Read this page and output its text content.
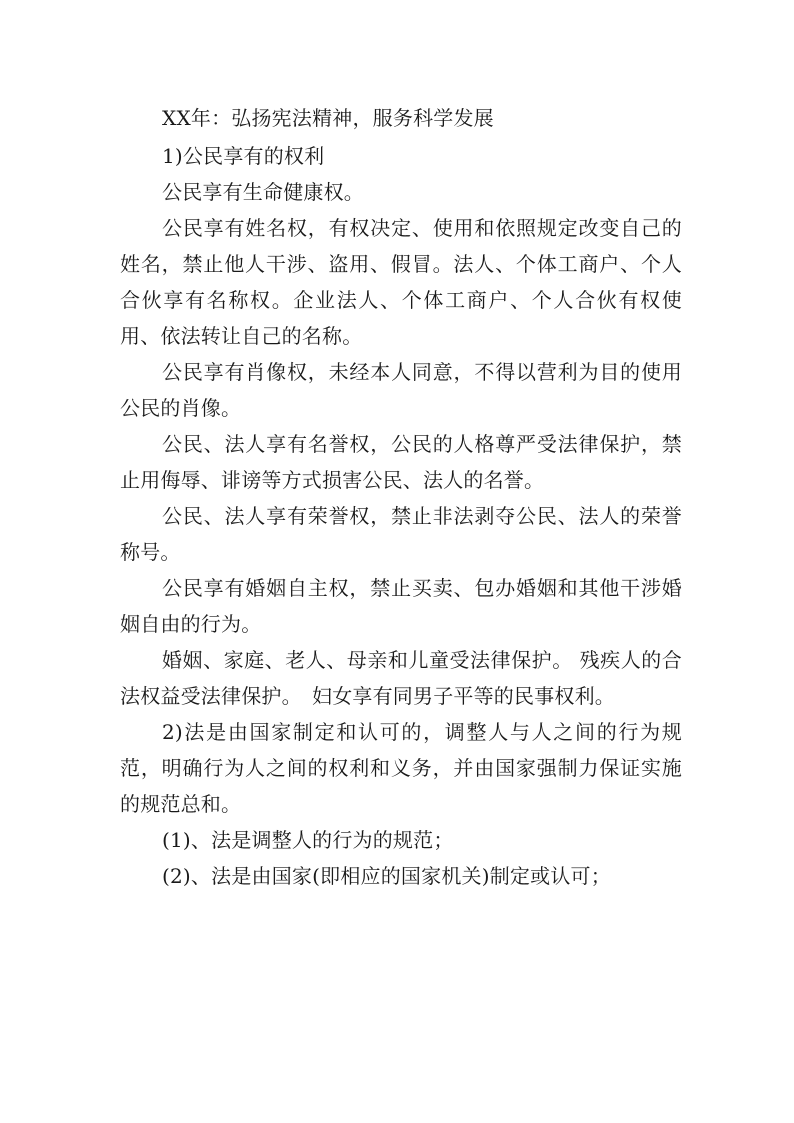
XX年：弘扬宪法精神，服务科学发展

1)公民享有的权利

公民享有生命健康权。

公民享有姓名权，有权决定、使用和依照规定改变自己的姓名，禁止他人干涉、盗用、假冒。法人、个体工商户、个人合伙享有名称权。企业法人、个体工商户、个人合伙有权使用、依法转让自己的名称。

公民享有肖像权，未经本人同意，不得以营利为目的使用公民的肖像。

公民、法人享有名誉权，公民的人格尊严受法律保护，禁止用侮辱、诽谤等方式损害公民、法人的名誉。

公民、法人享有荣誉权，禁止非法剥夺公民、法人的荣誉称号。

公民享有婚姻自主权，禁止买卖、包办婚姻和其他干涉婚姻自由的行为。

婚姻、家庭、老人、母亲和儿童受法律保护。 残疾人的合法权益受法律保护。　妇女享有同男子平等的民事权利。

2)法是由国家制定和认可的，调整人与人之间的行为规范，明确行为人之间的权利和义务，并由国家强制力保证实施的规范总和。

(1)、法是调整人的行为的规范；

(2)、法是由国家(即相应的国家机关)制定或认可；
